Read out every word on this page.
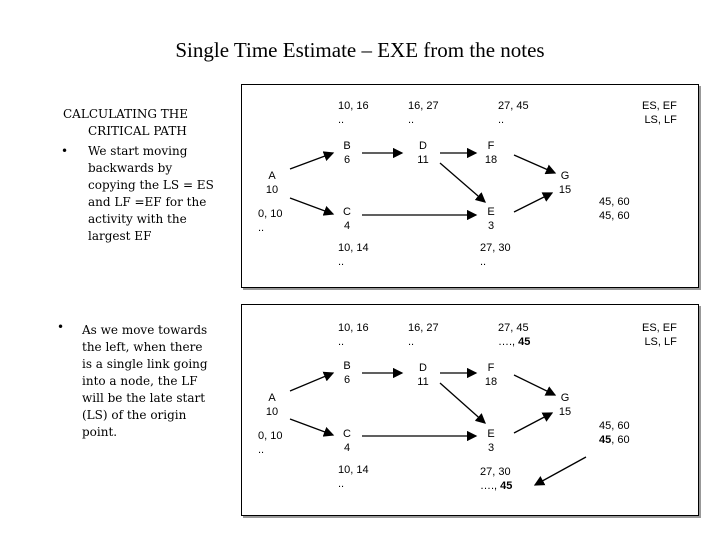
Single Time Estimate – EXE from the notes
CALCULATING THE
CRITICAL PATH
• We start moving
backwards by
copying the LS = ES
and LF =EF for the
activity with the
largest EF
• As we move towards
the left, when there
is a single link going
into a node, the LF
will be the late start
(LS) of the origin
point.
ES, EF
LS, LF
A
10
B
6
C
4
D
11
F
18
E
3
G
15
10, 16
..
16, 27
..
27, 45
..
0, 10
..
10, 14
..
27, 30
..
45, 60
45, 60
ES, EF
LS, LF
A
10
B
6
C
4
D
11
F
18
E
3
G
15
10, 16
..
16, 27
..
27, 45
…., 45
0, 10
..
10, 14
..
27, 30
…., 45
45, 60
45, 60
